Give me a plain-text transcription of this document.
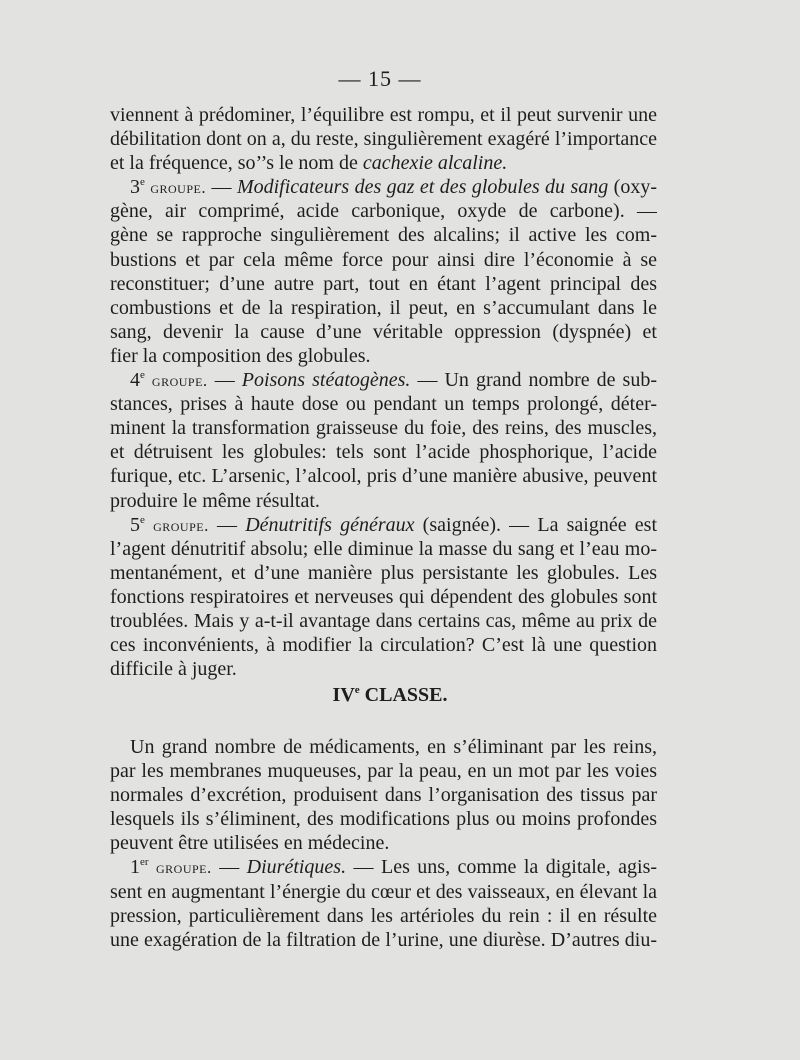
— 15 —
viennent à prédominer, l’équilibre est rompu, et il peut survenir une
débilitation dont on a, du reste, singulièrement exagéré l’importance
et la fréquence, so’’s le nom de cachexie alcaline.
3e groupe. — Modificateurs des gaz et des globules du sang (oxy-
gène, air comprimé, acide carbonique, oxyde de carbone). —
gène se rapproche singulièrement des alcalins; il active les com-
bustions et par cela même force pour ainsi dire l’économie à se
reconstituer; d’une autre part, tout en étant l’agent principal des
combustions et de la respiration, il peut, en s’accumulant dans le
sang, devenir la cause d’une véritable oppression (dyspnée) et
fier la composition des globules.
4e groupe. — Poisons stéatogènes. — Un grand nombre de sub-
stances, prises à haute dose ou pendant un temps prolongé, déter-
minent la transformation graisseuse du foie, des reins, des muscles,
et détruisent les globules: tels sont l’acide phosphorique, l’acide
furique, etc. L’arsenic, l’alcool, pris d’une manière abusive, peuvent
produire le même résultat.
5e groupe. — Dénutritifs généraux (saignée). — La saignée est
l’agent dénutritif absolu; elle diminue la masse du sang et l’eau mo-
mentanément, et d’une manière plus persistante les globules. Les
fonctions respiratoires et nerveuses qui dépendent des globules sont
troublées. Mais y a-t-il avantage dans certains cas, même au prix de
ces inconvénients, à modifier la circulation? C’est là une question
difficile à juger.
IVe CLASSE.
Un grand nombre de médicaments, en s’éliminant par les reins,
par les membranes muqueuses, par la peau, en un mot par les voies
normales d’excrétion, produisent dans l’organisation des tissus par
lesquels ils s’éliminent, des modifications plus ou moins profondes
peuvent être utilisées en médecine.
1er groupe. — Diurétiques. — Les uns, comme la digitale, agis-
sent en augmentant l’énergie du cœur et des vaisseaux, en élevant la
pression, particulièrement dans les artérioles du rein : il en résulte
une exagération de la filtration de l’urine, une diurèse. D’autres diu-
